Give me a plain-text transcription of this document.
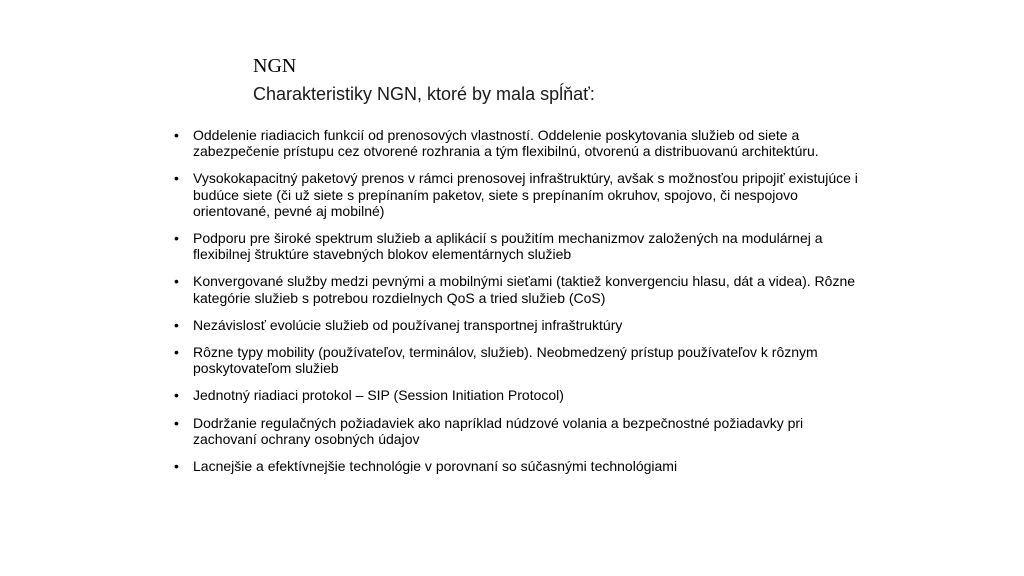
NGN
Charakteristiky NGN, ktoré by mala spĺňať:
• Oddelenie riadiacich funkcií od prenosových vlastností. Oddelenie poskytovania služieb od siete a zabezpečenie prístupu cez otvorené rozhrania a tým flexibilnú, otvorenú a distribuovanú architektúru.
• Vysokokapacitný paketový prenos v rámci prenosovej infraštruktúry, avšak s možnosťou pripojiť existujúce i budúce siete (či už siete s prepínaním paketov, siete s prepínaním okruhov, spojovo, či nespojovo orientované, pevné aj mobilné)
• Podporu pre široké spektrum služieb a aplikácií s použitím mechanizmov založených na modulárnej a flexibilnej štruktúre stavebných blokov elementárnych služieb
• Konvergované služby medzi pevnými a mobilnými sieťami (taktiež konvergenciu hlasu, dát a videa). Rôzne kategórie služieb s potrebou rozdielnych QoS a tried služieb (CoS)
• Nezávislosť evolúcie služieb od používanej transportnej infraštruktúry
• Rôzne typy mobility (používateľov, terminálov, služieb). Neobmedzený prístup používateľov k rôznym poskytovateľom služieb
• Jednotný riadiaci protokol – SIP (Session Initiation Protocol)
• Dodržanie regulačných požiadaviek ako napríklad núdzové volania a bezpečnostné požiadavky pri zachovaní ochrany osobných údajov
• Lacnejšie a efektívnejšie technológie v porovnaní so súčasnými technológiami
